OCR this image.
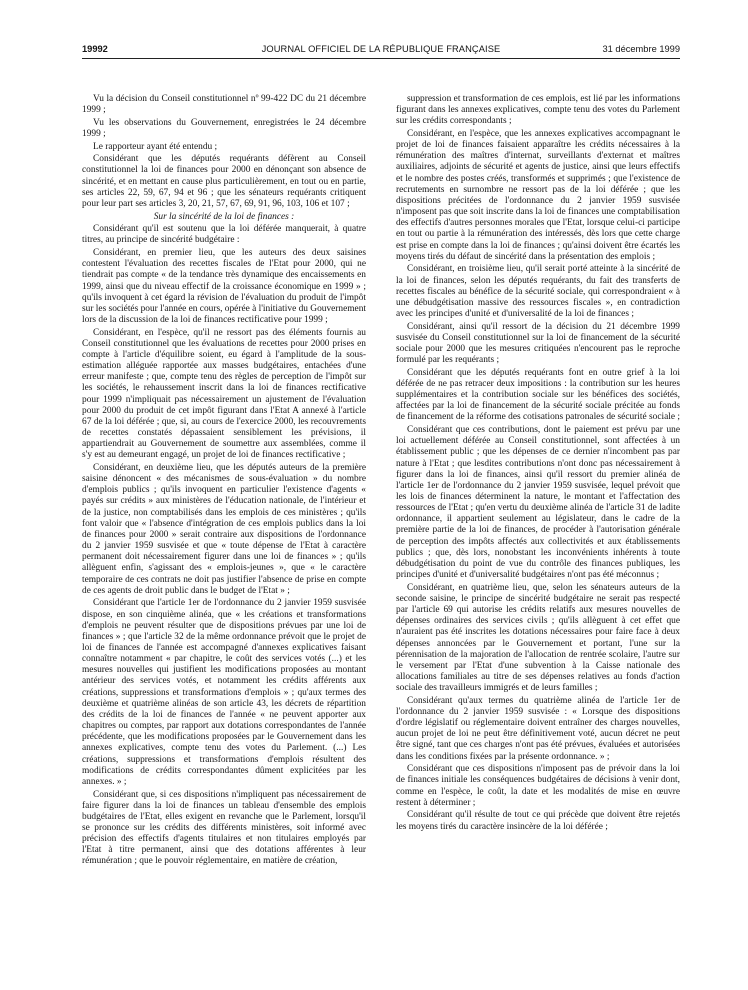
19992	JOURNAL OFFICIEL DE LA RÉPUBLIQUE FRANÇAISE	31 décembre 1999

Vu la décision du Conseil constitutionnel nº 99-422 DC du 21 décembre 1999 ;

Vu les observations du Gouvernement, enregistrées le 24 décembre 1999 ;

Le rapporteur ayant été entendu ;

Considérant que les députés requérants défèrent au Conseil constitutionnel la loi de finances pour 2000 en dénonçant son absence de sincérité, et en mettant en cause plus particulièrement, en tout ou en partie, ses articles 22, 59, 67, 94 et 96 ; que les sénateurs requérants critiquent pour leur part ses articles 3, 20, 21, 57, 67, 69, 91, 96, 103, 106 et 107 ;

Sur la sincérité de la loi de finances :

Considérant qu'il est soutenu que la loi déférée manquerait, à quatre titres, au principe de sincérité budgétaire :

Considérant, en premier lieu, que les auteurs des deux saisines contestent l'évaluation des recettes fiscales de l'Etat pour 2000, qui ne tiendrait pas compte « de la tendance très dynamique des encaissements en 1999, ainsi que du niveau effectif de la croissance économique en 1999 » ; qu'ils invoquent à cet égard la révision de l'évaluation du produit de l'impôt sur les sociétés pour l'année en cours, opérée à l'initiative du Gouvernement lors de la discussion de la loi de finances rectificative pour 1999 ;

Considérant, en l'espèce, qu'il ne ressort pas des éléments fournis au Conseil constitutionnel que les évaluations de recettes pour 2000 prises en compte à l'article d'équilibre soient, eu égard à l'amplitude de la sous-estimation alléguée rapportée aux masses budgétaires, entachées d'une erreur manifeste ; que, compte tenu des règles de perception de l'impôt sur les sociétés, le rehaussement inscrit dans la loi de finances rectificative pour 1999 n'impliquait pas nécessairement un ajustement de l'évaluation pour 2000 du produit de cet impôt figurant dans l'Etat A annexé à l'article 67 de la loi déférée ; que, si, au cours de l'exercice 2000, les recouvrements de recettes constatés dépassaient sensiblement les prévisions, il appartiendrait au Gouvernement de soumettre aux assemblées, comme il s'y est au demeurant engagé, un projet de loi de finances rectificative ;

Considérant, en deuxième lieu, que les députés auteurs de la première saisine dénoncent « des mécanismes de sous-évaluation » du nombre d'emplois publics ; qu'ils invoquent en particulier l'existence d'agents « payés sur crédits » aux ministères de l'éducation nationale, de l'intérieur et de la justice, non comptabilisés dans les emplois de ces ministères ; qu'ils font valoir que « l'absence d'intégration de ces emplois publics dans la loi de finances pour 2000 » serait contraire aux dispositions de l'ordonnance du 2 janvier 1959 susvisée et que « toute dépense de l'Etat à caractère permanent doit nécessairement figurer dans une loi de finances » ; qu'ils allèguent enfin, s'agissant des « emplois-jeunes », que « le caractère temporaire de ces contrats ne doit pas justifier l'absence de prise en compte de ces agents de droit public dans le budget de l'Etat » ;

Considérant que l'article 1er de l'ordonnance du 2 janvier 1959 susvisée dispose, en son cinquième alinéa, que « les créations et transformations d'emplois ne peuvent résulter que de dispositions prévues par une loi de finances » ; que l'article 32 de la même ordonnance prévoit que le projet de loi de finances de l'année est accompagné d'annexes explicatives faisant connaître notamment « par chapitre, le coût des services votés (...) et les mesures nouvelles qui justifient les modifications proposées au montant antérieur des services votés, et notamment les crédits afférents aux créations, suppressions et transformations d'emplois » ; qu'aux termes des deuxième et quatrième alinéas de son article 43, les décrets de répartition des crédits de la loi de finances de l'année « ne peuvent apporter aux chapitres ou comptes, par rapport aux dotations correspondantes de l'année précédente, que les modifications proposées par le Gouvernement dans les annexes explicatives, compte tenu des votes du Parlement. (...) Les créations, suppressions et transformations d'emplois résultent des modifications de crédits correspondantes dûment explicitées par les annexes. » ;

Considérant que, si ces dispositions n'impliquent pas nécessairement de faire figurer dans la loi de finances un tableau d'ensemble des emplois budgétaires de l'Etat, elles exigent en revanche que le Parlement, lorsqu'il se prononce sur les crédits des différents ministères, soit informé avec précision des effectifs d'agents titulaires et non titulaires employés par l'Etat à titre permanent, ainsi que des dotations afférentes à leur rémunération ; que le pouvoir réglementaire, en matière de création,

suppression et transformation de ces emplois, est lié par les informations figurant dans les annexes explicatives, compte tenu des votes du Parlement sur les crédits correspondants ;

Considérant, en l'espèce, que les annexes explicatives accompagnant le projet de loi de finances faisaient apparaître les crédits nécessaires à la rémunération des maîtres d'internat, surveillants d'externat et maîtres auxiliaires, adjoints de sécurité et agents de justice, ainsi que leurs effectifs et le nombre des postes créés, transformés et supprimés ; que l'existence de recrutements en surnombre ne ressort pas de la loi déférée ; que les dispositions précitées de l'ordonnance du 2 janvier 1959 susvisée n'imposent pas que soit inscrite dans la loi de finances une comptabilisation des effectifs d'autres personnes morales que l'Etat, lorsque celui-ci participe en tout ou partie à la rémunération des intéressés, dès lors que cette charge est prise en compte dans la loi de finances ; qu'ainsi doivent être écartés les moyens tirés du défaut de sincérité dans la présentation des emplois ;

Considérant, en troisième lieu, qu'il serait porté atteinte à la sincérité de la loi de finances, selon les députés requérants, du fait des transferts de recettes fiscales au bénéfice de la sécurité sociale, qui correspondraient « à une débudgétisation massive des ressources fiscales », en contradiction avec les principes d'unité et d'universalité de la loi de finances ;

Considérant, ainsi qu'il ressort de la décision du 21 décembre 1999 susvisée du Conseil constitutionnel sur la loi de financement de la sécurité sociale pour 2000 que les mesures critiquées n'encourent pas le reproche formulé par les requérants ;

Considérant que les députés requérants font en outre grief à la loi déférée de ne pas retracer deux impositions : la contribution sur les heures supplémentaires et la contribution sociale sur les bénéfices des sociétés, affectées par la loi de financement de la sécurité sociale précitée au fonds de financement de la réforme des cotisations patronales de sécurité sociale ;

Considérant que ces contributions, dont le paiement est prévu par une loi actuellement déférée au Conseil constitutionnel, sont affectées à un établissement public ; que les dépenses de ce dernier n'incombent pas par nature à l'Etat ; que lesdites contributions n'ont donc pas nécessairement à figurer dans la loi de finances, ainsi qu'il ressort du premier alinéa de l'article 1er de l'ordonnance du 2 janvier 1959 susvisée, lequel prévoit que les lois de finances déterminent la nature, le montant et l'affectation des ressources de l'Etat ; qu'en vertu du deuxième alinéa de l'article 31 de ladite ordonnance, il appartient seulement au législateur, dans le cadre de la première partie de la loi de finances, de procéder à l'autorisation générale de perception des impôts affectés aux collectivités et aux établissements publics ; que, dès lors, nonobstant les inconvénients inhérents à toute débudgétisation du point de vue du contrôle des finances publiques, les principes d'unité et d'universalité budgétaires n'ont pas été méconnus ;

Considérant, en quatrième lieu, que, selon les sénateurs auteurs de la seconde saisine, le principe de sincérité budgétaire ne serait pas respecté par l'article 69 qui autorise les crédits relatifs aux mesures nouvelles de dépenses ordinaires des services civils ; qu'ils allèguent à cet effet que n'auraient pas été inscrites les dotations nécessaires pour faire face à deux dépenses annoncées par le Gouvernement et portant, l'une sur la pérennisation de la majoration de l'allocation de rentrée scolaire, l'autre sur le versement par l'Etat d'une subvention à la Caisse nationale des allocations familiales au titre de ses dépenses relatives au fonds d'action sociale des travailleurs immigrés et de leurs familles ;

Considérant qu'aux termes du quatrième alinéa de l'article 1er de l'ordonnance du 2 janvier 1959 susvisée : « Lorsque des dispositions d'ordre législatif ou réglementaire doivent entraîner des charges nouvelles, aucun projet de loi ne peut être définitivement voté, aucun décret ne peut être signé, tant que ces charges n'ont pas été prévues, évaluées et autorisées dans les conditions fixées par la présente ordonnance. » ;

Considérant que ces dispositions n'imposent pas de prévoir dans la loi de finances initiale les conséquences budgétaires de décisions à venir dont, comme en l'espèce, le coût, la date et les modalités de mise en œuvre restent à déterminer ;

Considérant qu'il résulte de tout ce qui précède que doivent être rejetés les moyens tirés du caractère insincère de la loi déférée ;
